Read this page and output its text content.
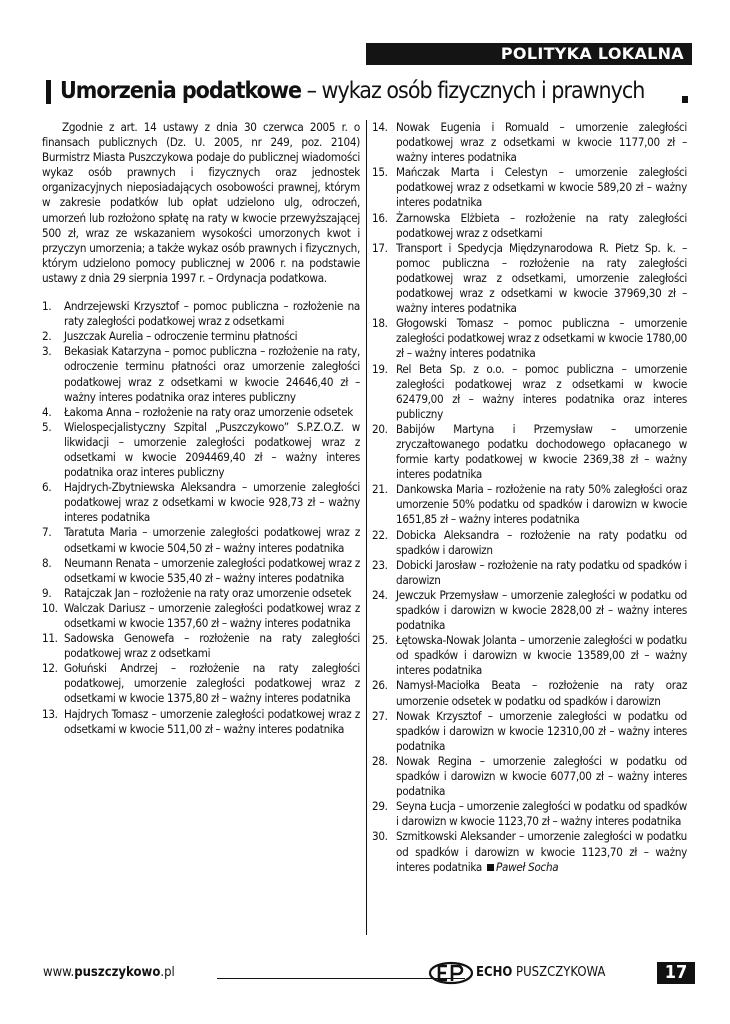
POLITYKA LOKALNA
Umorzenia podatkowe – wykaz osób fizycznych i prawnych

Zgodnie z art. 14 ustawy z dnia 30 czerwca 2005 r. o finansach publicznych (Dz. U. 2005, nr 249, poz. 2104) Burmistrz Miasta Puszczykowa podaje do publicznej wiadomości wykaz osób prawnych i fizycznych oraz jednostek organizacyjnych nieposiadających osobowości prawnej, którym w zakresie podatków lub opłat udzielono ulg, odroczeń, umorzeń lub rozłożono spłatę na raty w kwocie przewyższającej 500 zł, wraz ze wskazaniem wysokości umorzonych kwot i przyczyn umorzenia; a także wykaz osób prawnych i fizycznych, którym udzielono pomocy publicznej w 2006 r. na podstawie ustawy z dnia 29 sierpnia 1997 r. – Ordynacja podatkowa.

1. Andrzejewski Krzysztof – pomoc publiczna – rozłożenie na raty zaległości podatkowej wraz z odsetkami
2. Juszczak Aurelia – odroczenie terminu płatności
3. Bekasiak Katarzyna – pomoc publiczna – rozłożenie na raty, odroczenie terminu płatności oraz umorzenie zaległości podatkowej wraz z odsetkami w kwocie 24646,40 zł – ważny interes podatnika oraz interes publiczny
4. Łakoma Anna – rozłożenie na raty oraz umorzenie odsetek
5. Wielospecjalistyczny Szpital „Puszczykowo” S.P.Z.O.Z. w likwidacji – umorzenie zaległości podatkowej wraz z odsetkami w kwocie 2094469,40 zł – ważny interes podatnika oraz interes publiczny
6. Hajdrych-Zbytniewska Aleksandra – umorzenie zaległości podatkowej wraz z odsetkami w kwocie 928,73 zł – ważny interes podatnika
7. Taratuta Maria – umorzenie zaległości podatkowej wraz z odsetkami w kwocie 504,50 zł – ważny interes podatnika
8. Neumann Renata – umorzenie zaległości podatkowej wraz z odsetkami w kwocie 535,40 zł – ważny interes podatnika
9. Ratajczak Jan – rozłożenie na raty oraz umorzenie odsetek
10. Walczak Dariusz – umorzenie zaległości podatkowej wraz z odsetkami w kwocie 1357,60 zł – ważny interes podatnika
11. Sadowska Genowefa – rozłożenie na raty zaległości podatkowej wraz z odsetkami
12. Gołuński Andrzej – rozłożenie na raty zaległości podatkowej, umorzenie zaległości podatkowej wraz z odsetkami w kwocie 1375,80 zł – ważny interes podatnika
13. Hajdrych Tomasz – umorzenie zaległości podatkowej wraz z odsetkami w kwocie 511,00 zł – ważny interes podatnika
14. Nowak Eugenia i Romuald – umorzenie zaległości podatkowej wraz z odsetkami w kwocie 1177,00 zł – ważny interes podatnika
15. Mańczak Marta i Celestyn – umorzenie zaległości podatkowej wraz z odsetkami w kwocie 589,20 zł – ważny interes podatnika
16. Żarnowska Elżbieta – rozłożenie na raty zaległości podatkowej wraz z odsetkami
17. Transport i Spedycja Międzynarodowa R. Pietz Sp. k. – pomoc publiczna – rozłożenie na raty zaległości podatkowej wraz z odsetkami, umorzenie zaległości podatkowej wraz z odsetkami w kwocie 37969,30 zł – ważny interes podatnika
18. Głogowski Tomasz – pomoc publiczna – umorzenie zaległości podatkowej wraz z odsetkami w kwocie 1780,00 zł – ważny interes podatnika
19. Rel Beta Sp. z o.o. – pomoc publiczna – umorzenie zaległości podatkowej wraz z odsetkami w kwocie 62479,00 zł – ważny interes podatnika oraz interes publiczny
20. Babijów Martyna i Przemysław – umorzenie zryczałtowanego podatku dochodowego opłacanego w formie karty podatkowej w kwocie 2369,38 zł – ważny interes podatnika
21. Dankowska Maria – rozłożenie na raty 50% zaległości oraz umorzenie 50% podatku od spadków i darowizn w kwocie 1651,85 zł – ważny interes podatnika
22. Dobicka Aleksandra – rozłożenie na raty podatku od spadków i darowizn
23. Dobicki Jarosław – rozłożenie na raty podatku od spadków i darowizn
24. Jewczuk Przemysław – umorzenie zaległości w podatku od spadków i darowizn w kwocie 2828,00 zł – ważny interes podatnika
25. Łętowska-Nowak Jolanta – umorzenie zaległości w podatku od spadków i darowizn w kwocie 13589,00 zł – ważny interes podatnika
26. Namysł-Maciołka Beata – rozłożenie na raty oraz umorzenie odsetek w podatku od spadków i darowizn
27. Nowak Krzysztof – umorzenie zaległości w podatku od spadków i darowizn w kwocie 12310,00 zł – ważny interes podatnika
28. Nowak Regina – umorzenie zaległości w podatku od spadków i darowizn w kwocie 6077,00 zł – ważny interes podatnika
29. Seyna Łucja – umorzenie zaległości w podatku od spadków i darowizn w kwocie 1123,70 zł – ważny interes podatnika
30. Szmitkowski Aleksander – umorzenie zaległości w podatku od spadków i darowizn w kwocie 1123,70 zł – ważny interes podatnika Paweł Socha
www.puszczykowo.pl	ECHO PUSZCZYKOWA	17
